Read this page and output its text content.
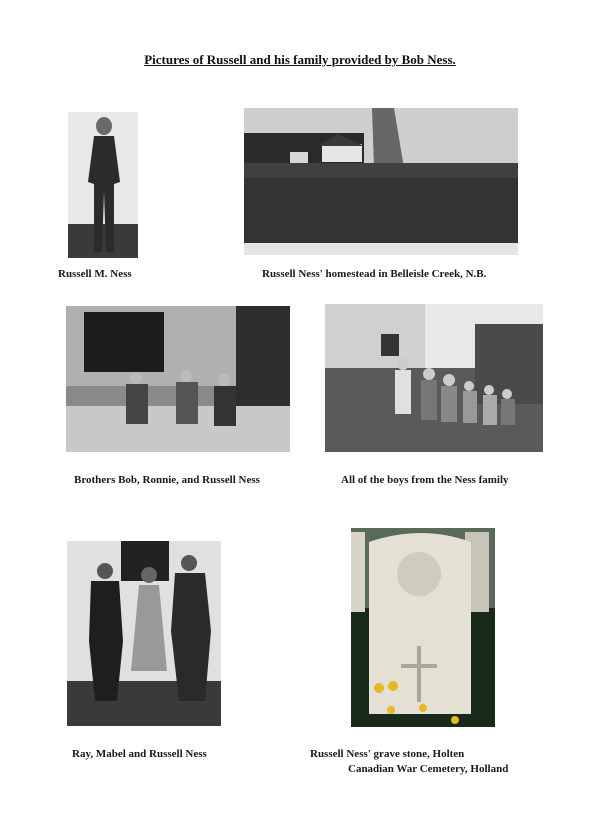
Pictures of Russell and his family provided by Bob Ness.
Russell M. Ness	Russell Ness' homestead in Belleisle Creek, N.B.
Brothers Bob, Ronnie, and Russell Ness	All of the boys from the Ness family
Ray, Mabel and Russell Ness	Russell Ness' grave stone, Holten
Canadian War Cemetery, Holland
